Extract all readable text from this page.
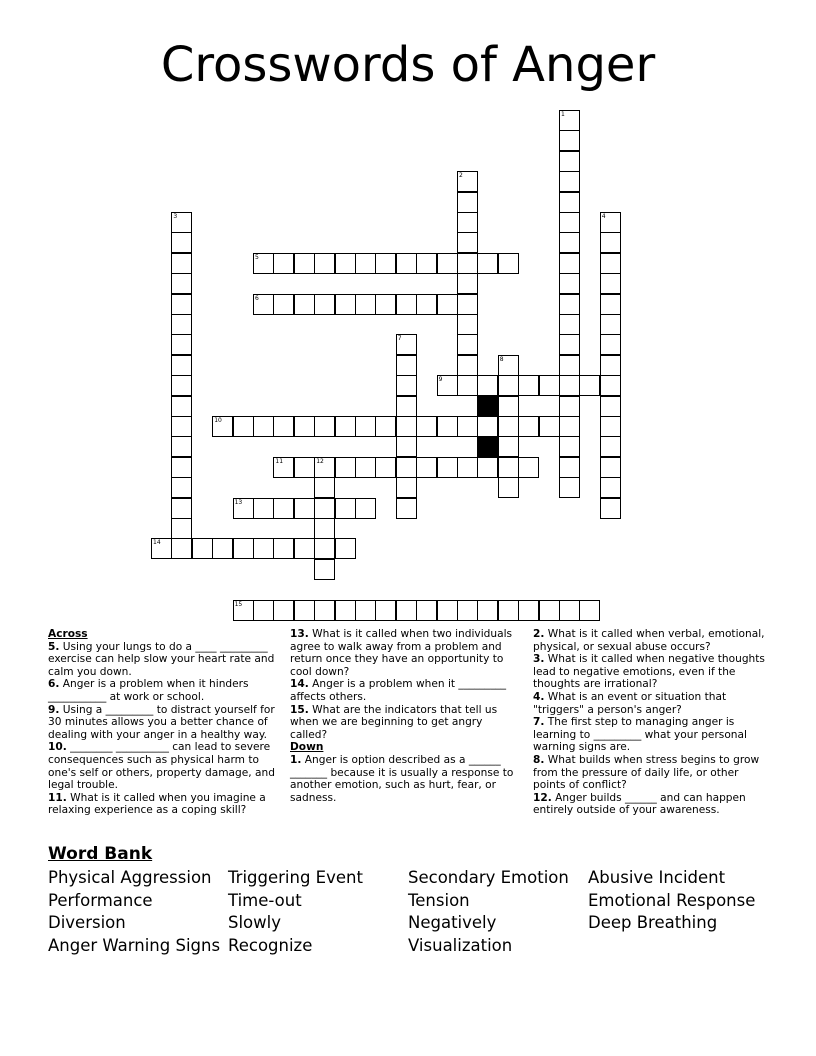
Crosswords of Anger
1
2
3	4
5
6
7
8
9
10
11	12
13
14
15
Across
5. Using your lungs to do a ____ _________ exercise can help slow your heart rate and calm you down.
6. Anger is a problem when it hinders ___________ at work or school.
9. Using a _________ to distract yourself for 30 minutes allows you a better chance of dealing with your anger in a healthy way.
10. ________ __________ can lead to severe consequences such as physical harm to one's self or others, property damage, and legal trouble.
11. What is it called when you imagine a relaxing experience as a coping skill?
13. What is it called when two individuals agree to walk away from a problem and return once they have an opportunity to cool down?
14. Anger is a problem when it _________ affects others.
15. What are the indicators that tell us when we are beginning to get angry called?
Down
1. Anger is option described as a ______ _______ because it is usually a response to another emotion, such as hurt, fear, or sadness.
2. What is it called when verbal, emotional, physical, or sexual abuse occurs?
3. What is it called when negative thoughts lead to negative emotions, even if the thoughts are irrational?
4. What is an event or situation that "triggers" a person's anger?
7. The first step to managing anger is learning to _________ what your personal warning signs are.
8. What builds when stress begins to grow from the pressure of daily life, or other points of conflict?
12. Anger builds ______ and can happen entirely outside of your awareness.
Word Bank
Physical Aggression
Performance
Diversion
Anger Warning Signs
Triggering Event
Time-out
Slowly
Recognize
Secondary Emotion
Tension
Negatively
Visualization
Abusive Incident
Emotional Response
Deep Breathing
